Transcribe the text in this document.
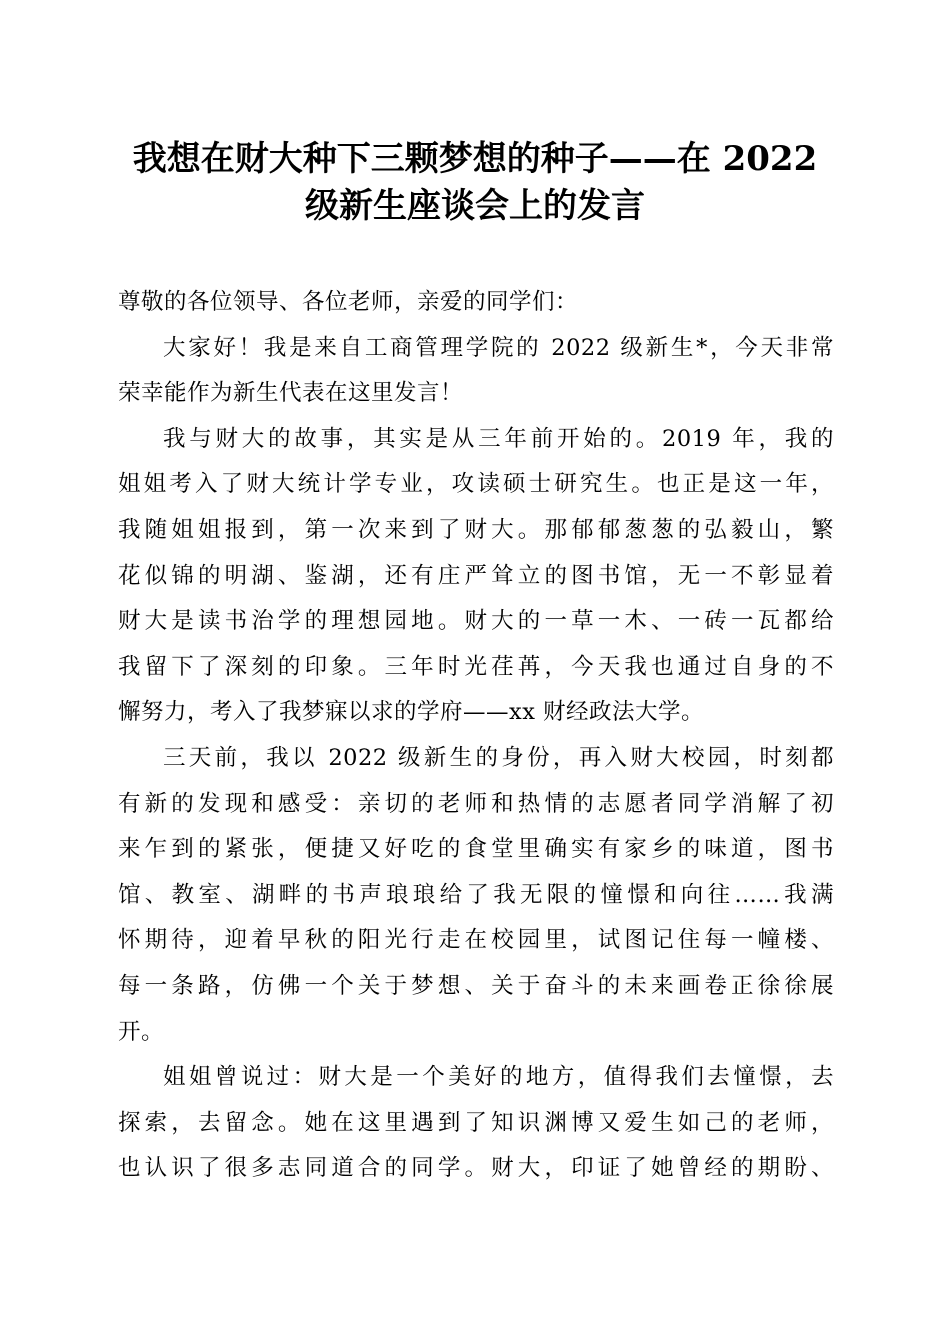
我想在财大种下三颗梦想的种子——在 2022
级新生座谈会上的发言
尊敬的各位领导、各位老师，亲爱的同学们：
大家好！我是来自工商管理学院的 2022 级新生*，今天非常
荣幸能作为新生代表在这里发言！
我与财大的故事，其实是从三年前开始的。2019 年，我的
姐姐考入了财大统计学专业，攻读硕士研究生。也正是这一年，
我随姐姐报到，第一次来到了财大。那郁郁葱葱的弘毅山，繁
花似锦的明湖、鉴湖，还有庄严耸立的图书馆，无一不彰显着
财大是读书治学的理想园地。财大的一草一木、一砖一瓦都给
我留下了深刻的印象。三年时光荏苒，今天我也通过自身的不
懈努力，考入了我梦寐以求的学府——xx 财经政法大学。
三天前，我以 2022 级新生的身份，再入财大校园，时刻都
有新的发现和感受：亲切的老师和热情的志愿者同学消解了初
来乍到的紧张，便捷又好吃的食堂里确实有家乡的味道，图书
馆、教室、湖畔的书声琅琅给了我无限的憧憬和向往……我满
怀期待，迎着早秋的阳光行走在校园里，试图记住每一幢楼、
每一条路，仿佛一个关于梦想、关于奋斗的未来画卷正徐徐展
开。
姐姐曾说过：财大是一个美好的地方，值得我们去憧憬，去
探索，去留念。她在这里遇到了知识渊博又爱生如己的老师，
也认识了很多志同道合的同学。财大，印证了她曾经的期盼、
